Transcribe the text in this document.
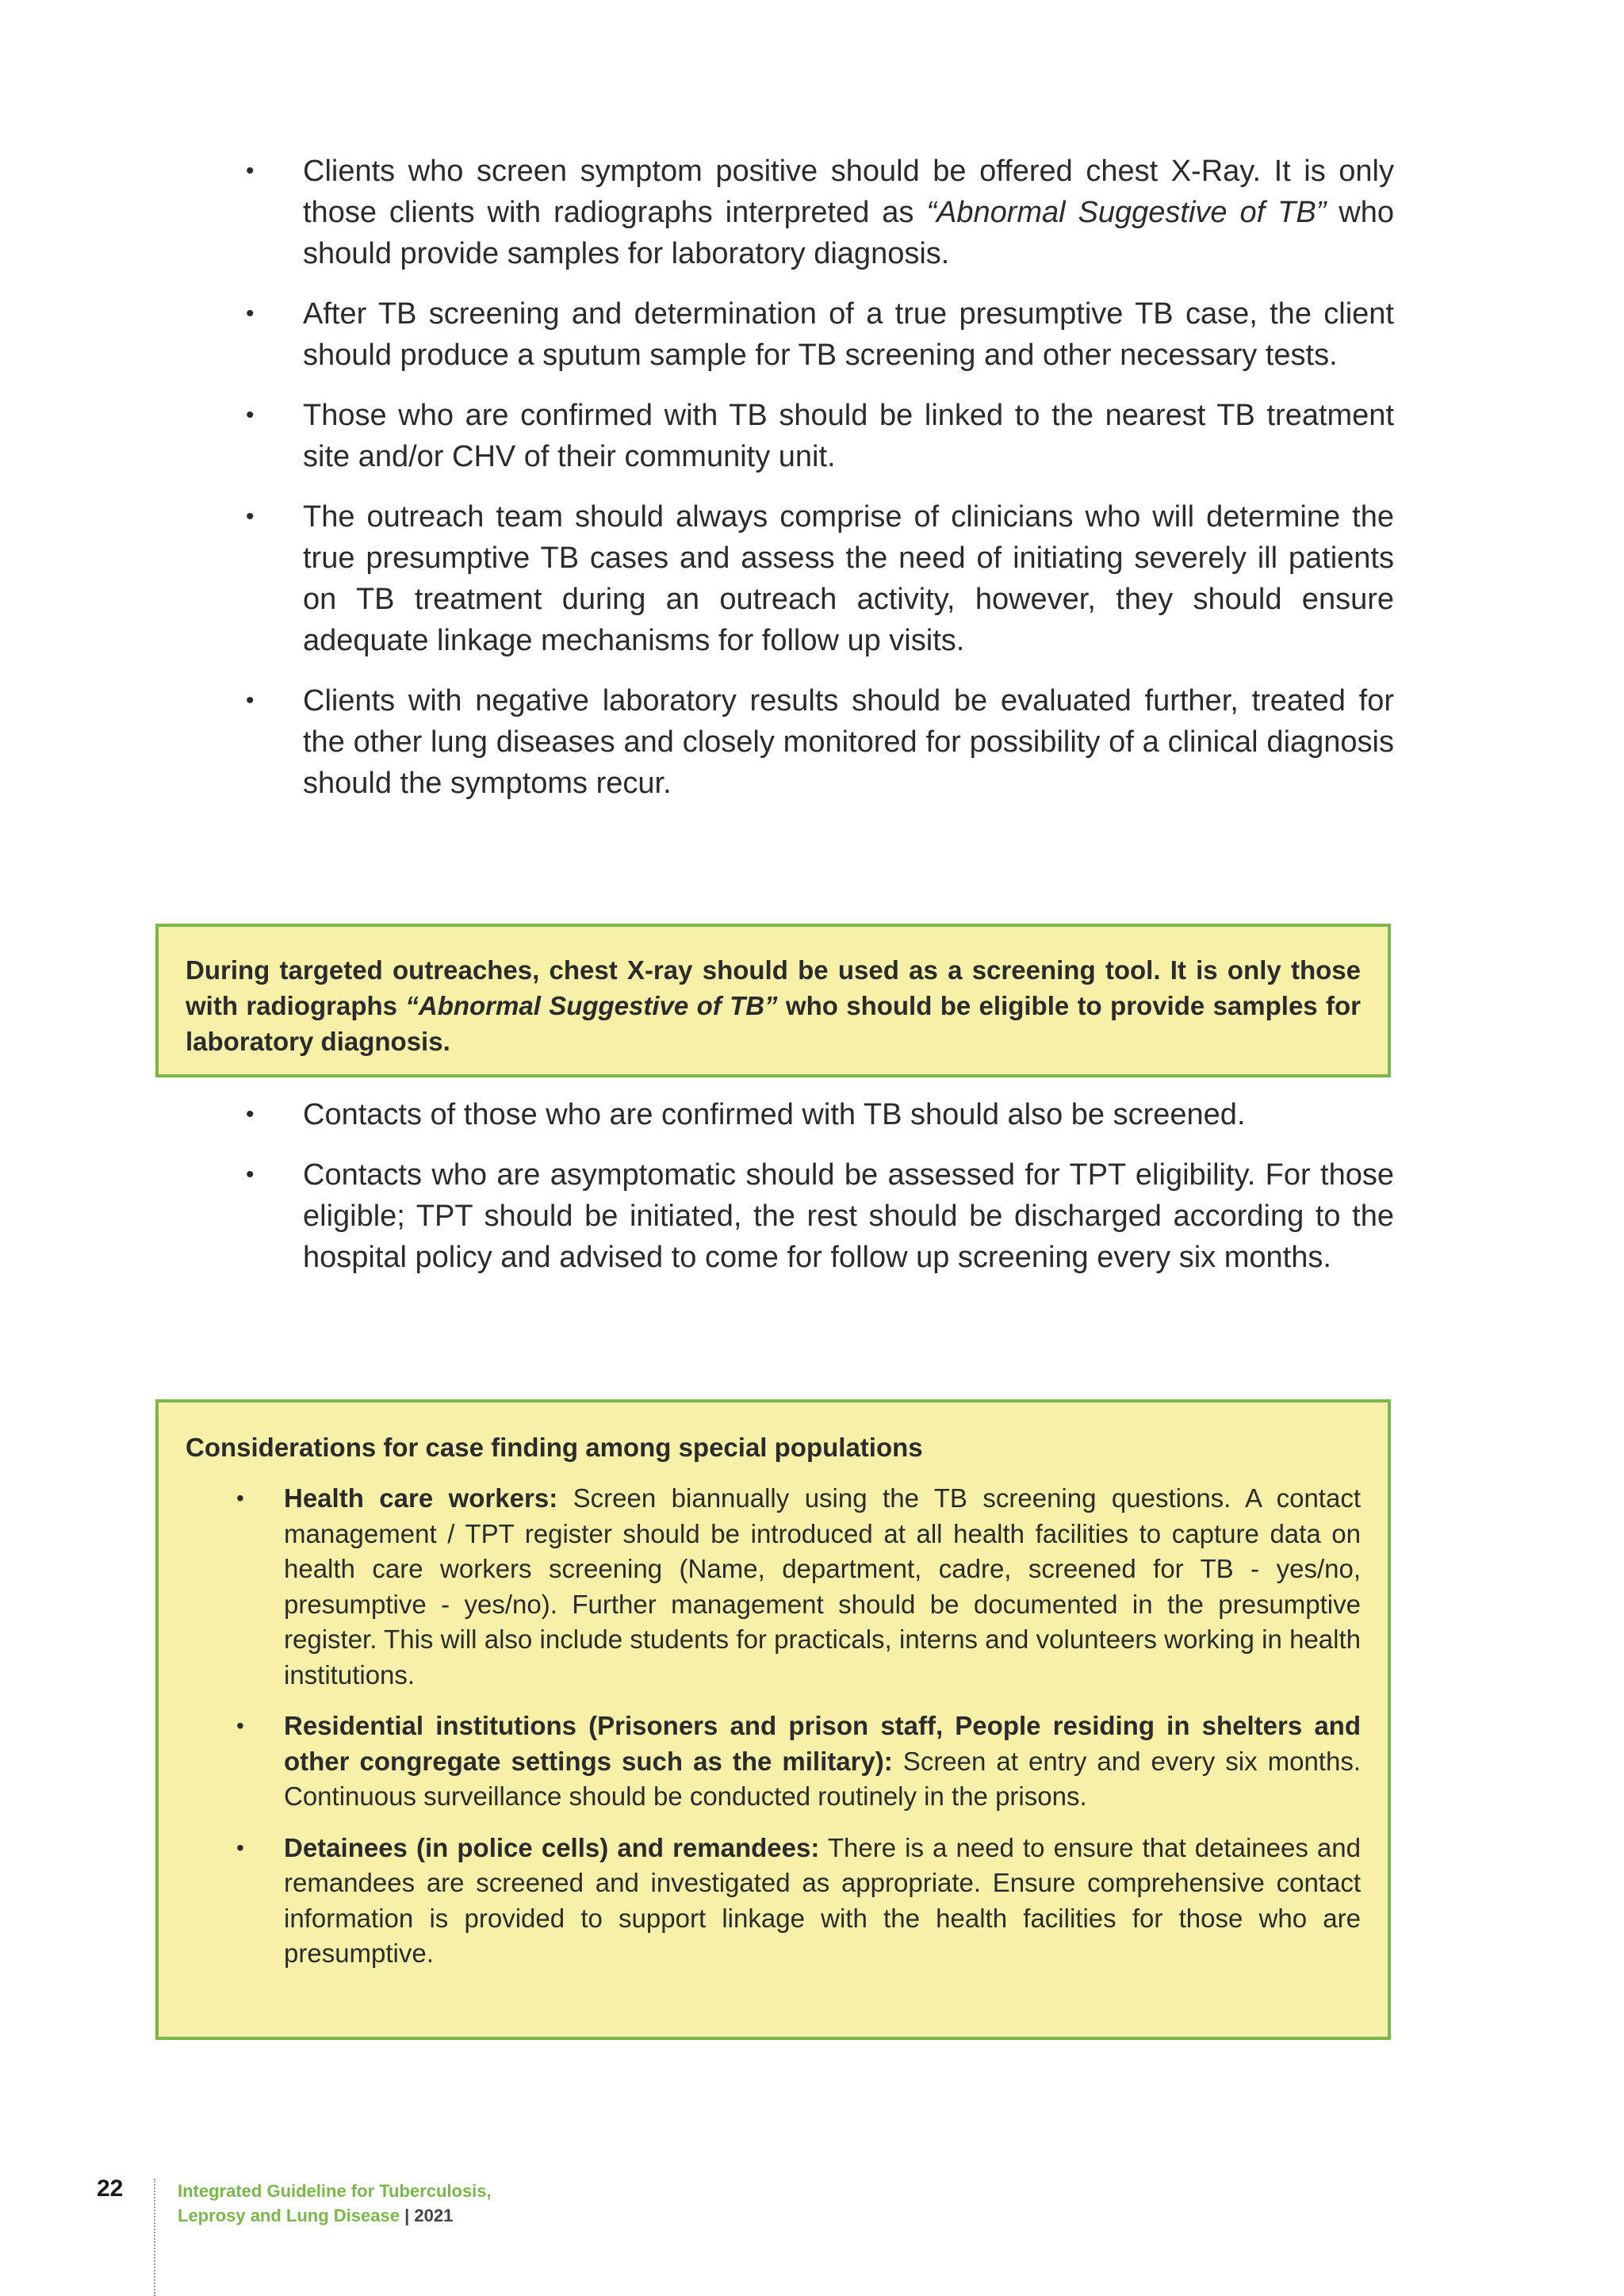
• Clients who screen symptom positive should be offered chest X-Ray. It is only those clients with radiographs interpreted as “Abnormal Suggestive of TB” who should provide samples for laboratory diagnosis.
• After TB screening and determination of a true presumptive TB case, the client should produce a sputum sample for TB screening and other necessary tests.
• Those who are confirmed with TB should be linked to the nearest TB treatment site and/or CHV of their community unit.
• The outreach team should always comprise of clinicians who will determine the true presumptive TB cases and assess the need of initiating severely ill patients on TB treatment during an outreach activity, however, they should ensure adequate linkage mechanisms for follow up visits.
• Clients with negative laboratory results should be evaluated further, treated for the other lung diseases and closely monitored for possibility of a clinical diagnosis should the symptoms recur.
During targeted outreaches, chest X-ray should be used as a screening tool. It is only those with radiographs “Abnormal Suggestive of TB” who should be eligible to provide samples for laboratory diagnosis.
• Contacts of those who are confirmed with TB should also be screened.
• Contacts who are asymptomatic should be assessed for TPT eligibility. For those eligible; TPT should be initiated, the rest should be discharged according to the hospital policy and advised to come for follow up screening every six months.
Considerations for case finding among special populations
• Health care workers: Screen biannually using the TB screening questions. A contact management / TPT register should be introduced at all health facilities to capture data on health care workers screening (Name, department, cadre, screened for TB - yes/no, presumptive - yes/no). Further management should be documented in the presumptive register. This will also include students for practicals, interns and volunteers working in health institutions.
• Residential institutions (Prisoners and prison staff, People residing in shelters and other congregate settings such as the military): Screen at entry and every six months. Continuous surveillance should be conducted routinely in the prisons.
• Detainees (in police cells) and remandees: There is a need to ensure that detainees and remandees are screened and investigated as appropriate. Ensure comprehensive contact information is provided to support linkage with the health facilities for those who are presumptive.
22	Integrated Guideline for Tuberculosis,
Leprosy and Lung Disease | 2021
